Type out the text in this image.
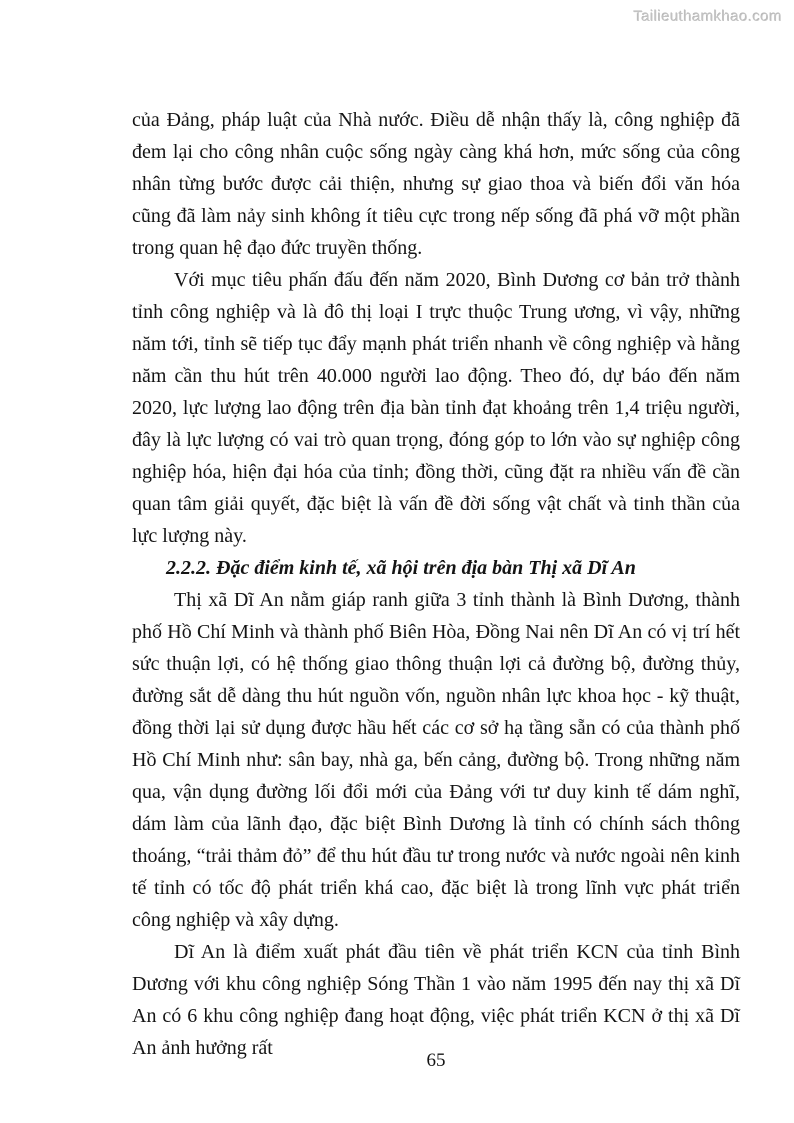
Tailieuthamkhao.com

của Đảng, pháp luật của Nhà nước. Điều dễ nhận thấy là, công nghiệp đã đem lại cho công nhân cuộc sống ngày càng khá hơn, mức sống của công nhân từng bước được cải thiện, nhưng sự giao thoa và biến đổi văn hóa cũng đã làm nảy sinh không ít tiêu cực trong nếp sống đã phá vỡ một phần trong quan hệ đạo đức truyền thống.

Với mục tiêu phấn đấu đến năm 2020, Bình Dương cơ bản trở thành tỉnh công nghiệp và là đô thị loại I trực thuộc Trung ương, vì vậy, những năm tới, tỉnh sẽ tiếp tục đẩy mạnh phát triển nhanh về công nghiệp và hằng năm cần thu hút trên 40.000 người lao động. Theo đó, dự báo đến năm 2020, lực lượng lao động trên địa bàn tỉnh đạt khoảng trên 1,4 triệu người, đây là lực lượng có vai trò quan trọng, đóng góp to lớn vào sự nghiệp công nghiệp hóa, hiện đại hóa của tỉnh; đồng thời, cũng đặt ra nhiều vấn đề cần quan tâm giải quyết, đặc biệt là vấn đề đời sống vật chất và tinh thần của lực lượng này.

2.2.2. Đặc điểm kinh tế, xã hội trên địa bàn Thị xã Dĩ An

Thị xã Dĩ An nằm giáp ranh giữa 3 tỉnh thành là Bình Dương, thành phố Hồ Chí Minh và thành phố Biên Hòa, Đồng Nai nên Dĩ An có vị trí hết sức thuận lợi, có hệ thống giao thông thuận lợi cả đường bộ, đường thủy, đường sắt dễ dàng thu hút nguồn vốn, nguồn nhân lực khoa học - kỹ thuật, đồng thời lại sử dụng được hầu hết các cơ sở hạ tầng sẵn có của thành phố Hồ Chí Minh như: sân bay, nhà ga, bến cảng, đường bộ. Trong những năm qua, vận dụng đường lối đổi mới của Đảng với tư duy kinh tế dám nghĩ, dám làm của lãnh đạo, đặc biệt Bình Dương là tỉnh có chính sách thông thoáng, “trải thảm đỏ” để thu hút đầu tư trong nước và nước ngoài nên kinh tế tỉnh có tốc độ phát triển khá cao, đặc biệt là trong lĩnh vực phát triển công nghiệp và xây dựng.

Dĩ An là điểm xuất phát đầu tiên về phát triển KCN của tỉnh Bình Dương với khu công nghiệp Sóng Thần 1 vào năm 1995 đến nay thị xã Dĩ An có 6 khu công nghiệp đang hoạt động, việc phát triển KCN ở thị xã Dĩ An ảnh hưởng rất

65
